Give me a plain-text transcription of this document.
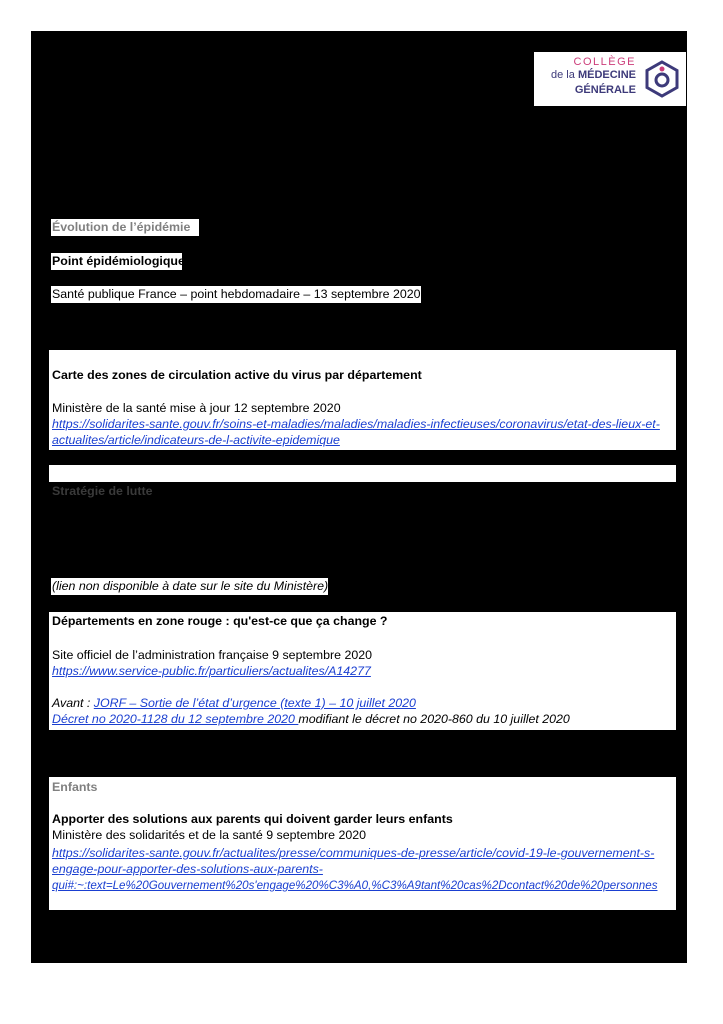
COLLÈGE
de la MÉDECINE
GÉNÉRALE
Évolution de l’épidémie
Point épidémiologique
Santé publique France – point hebdomadaire – 13 septembre 2020
https://www.santepubliquefrance.fr/dossiers/coronavirus-covid-19/coronavirus-chiffres-cles-et-evolution-de-la-
covid-19-en-france-et-dans-le-monde
Carte des zones de circulation active du virus par département
Ministère de la santé mise à jour 12 septembre 2020
https://solidarites-sante.gouv.fr/soins-et-maladies/maladies/maladies-infectieuses/coronavirus/etat-des-lieux-et-
actualites/article/indicateurs-de-l-activite-epidemique
Stratégie de lutte
(lien non disponible à date sur le site du Ministère)
Départements en zone rouge : qu'est-ce que ça change ?
Site officiel de l’administration française 9 septembre 2020
https://www.service-public.fr/particuliers/actualites/A14277
Avant : JORF – Sortie de l’état d’urgence (texte 1) – 10 juillet 2020
Décret no 2020-1128 du 12 septembre 2020 modifiant le décret no 2020-860 du 10 juillet 2020
Enfants
Apporter des solutions aux parents qui doivent garder leurs enfants
Ministère des solidarités et de la santé 9 septembre 2020
https://solidarites-sante.gouv.fr/actualites/presse/communiques-de-presse/article/covid-19-le-gouvernement-s-
engage-pour-apporter-des-solutions-aux-parents-
qui#:~:text=Le%20Gouvernement%20s'engage%20%C3%A0,%C3%A9tant%20cas%2Dcontact%20de%20personnes
